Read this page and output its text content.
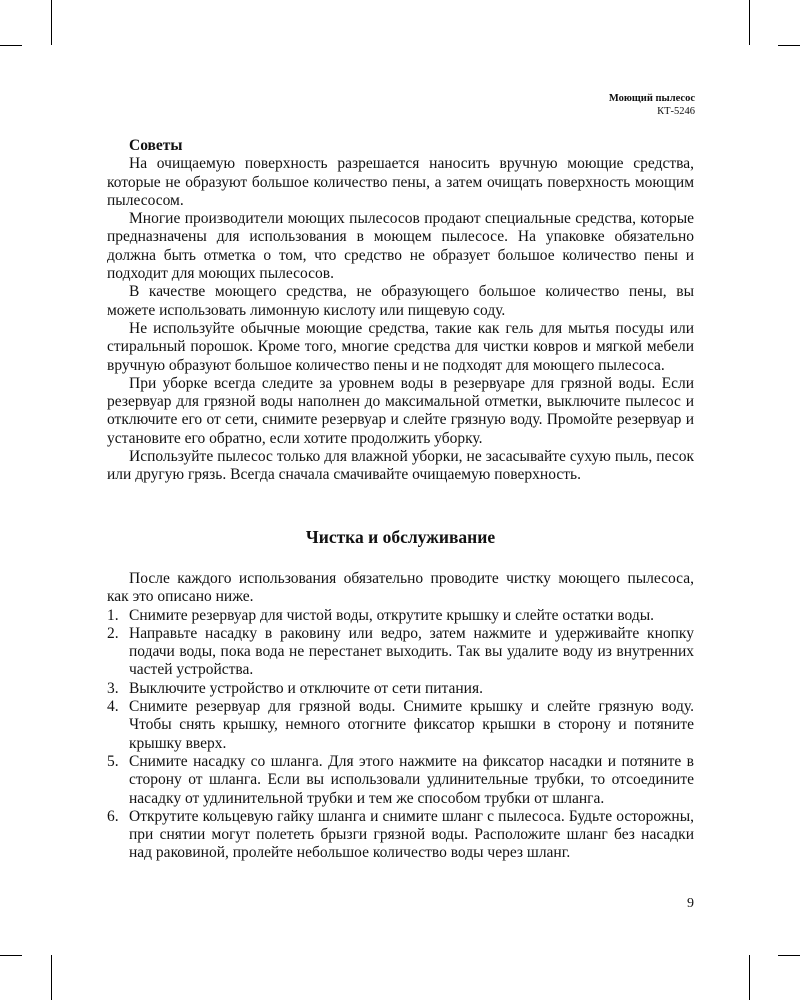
Моющий пылесос
КТ-5246
Советы

На очищаемую поверхность разрешается наносить вручную моющие средства, которые не образуют большое количество пены, а затем очищать поверхность моющим пылесосом.

Многие производители моющих пылесосов продают специальные средства, которые предназначены для использования в моющем пылесосе. На упаковке обязательно должна быть отметка о том, что средство не образует большое количество пены и подходит для моющих пылесосов.

В качестве моющего средства, не образующего большое количество пены, вы можете использовать лимонную кислоту или пищевую соду.

Не используйте обычные моющие средства, такие как гель для мытья посуды или стиральный порошок. Кроме того, многие средства для чистки ковров и мягкой мебели вручную образуют большое количество пены и не подходят для моющего пылесоса.

При уборке всегда следите за уровнем воды в резервуаре для грязной воды. Если резервуар для грязной воды наполнен до максимальной отметки, выключите пылесос и отключите его от сети, снимите резервуар и слейте грязную воду. Промойте резервуар и установите его обратно, если хотите продолжить уборку.

Используйте пылесос только для влажной уборки, не засасывайте сухую пыль, песок или другую грязь. Всегда сначала смачивайте очищаемую поверхность.

Чистка и обслуживание

После каждого использования обязательно проводите чистку моющего пылесоса, как это описано ниже.

1. Снимите резервуар для чистой воды, открутите крышку и слейте остатки воды.
2. Направьте насадку в раковину или ведро, затем нажмите и удерживайте кнопку подачи воды, пока вода не перестанет выходить. Так вы удалите воду из внутренних частей устройства.
3. Выключите устройство и отключите от сети питания.
4. Снимите резервуар для грязной воды. Снимите крышку и слейте грязную воду. Чтобы снять крышку, немного отогните фиксатор крышки в сторону и потяните крышку вверх.
5. Снимите насадку со шланга. Для этого нажмите на фиксатор насадки и потяните в сторону от шланга. Если вы использовали удлинительные трубки, то отсоедините насадку от удлинительной трубки и тем же способом трубки от шланга.
6. Открутите кольцевую гайку шланга и снимите шланг с пылесоса. Будьте осторожны, при снятии могут полететь брызги грязной воды. Расположите шланг без насадки над раковиной, пролейте небольшое количество воды через шланг.
9
